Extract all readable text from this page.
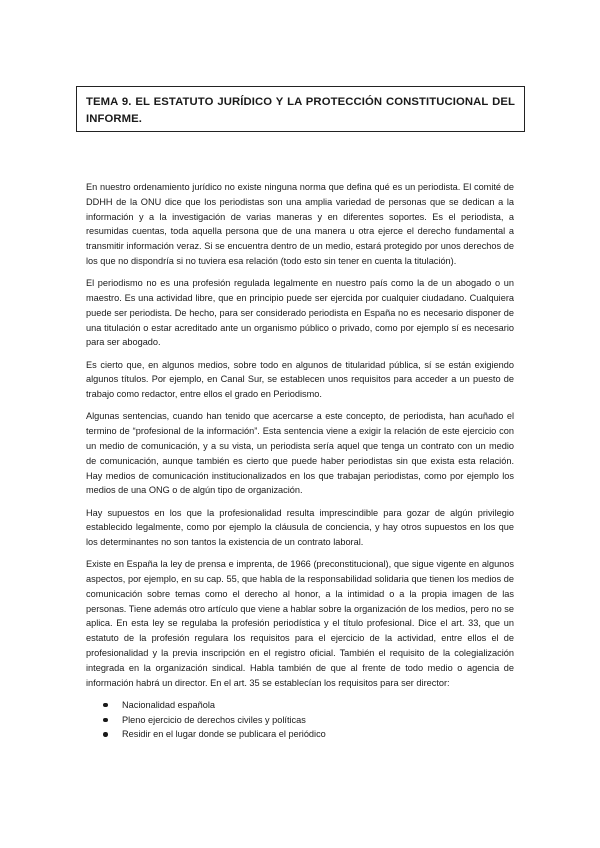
TEMA 9. EL ESTATUTO JURÍDICO Y LA PROTECCIÓN CONSTITUCIONAL DEL INFORME.

En nuestro ordenamiento jurídico no existe ninguna norma que defina qué es un periodista. El comité de DDHH de la ONU dice que los periodistas son una amplia variedad de personas que se dedican a la información y a la investigación de varias maneras y en diferentes soportes. Es el periodista, a resumidas cuentas, toda aquella persona que de una manera u otra ejerce el derecho fundamental a transmitir información veraz. Si se encuentra dentro de un medio, estará protegido por unos derechos de los que no dispondría si no tuviera esa relación (todo esto sin tener en cuenta la titulación).

El periodismo no es una profesión regulada legalmente en nuestro país como la de un abogado o un maestro. Es una actividad libre, que en principio puede ser ejercida por cualquier ciudadano. Cualquiera puede ser periodista. De hecho, para ser considerado periodista en España no es necesario disponer de una titulación o estar acreditado ante un organismo público o privado, como por ejemplo sí es necesario para ser abogado.

Es cierto que, en algunos medios, sobre todo en algunos de titularidad pública, sí se están exigiendo algunos títulos. Por ejemplo, en Canal Sur, se establecen unos requisitos para acceder a un puesto de trabajo como redactor, entre ellos el grado en Periodismo.

Algunas sentencias, cuando han tenido que acercarse a este concepto, de periodista, han acuñado el termino de “profesional de la información”. Esta sentencia viene a exigir la relación de este ejercicio con un medio de comunicación, y a su vista, un periodista sería aquel que tenga un contrato con un medio de comunicación, aunque también es cierto que puede haber periodistas sin que exista esta relación. Hay medios de comunicación institucionalizados en los que trabajan periodistas, como por ejemplo los medios de una ONG o de algún tipo de organización.

Hay supuestos en los que la profesionalidad resulta imprescindible para gozar de algún privilegio establecido legalmente, como por ejemplo la cláusula de conciencia, y hay otros supuestos en los que los determinantes no son tantos la existencia de un contrato laboral.

Existe en España la ley de prensa e imprenta, de 1966 (preconstitucional), que sigue vigente en algunos aspectos, por ejemplo, en su cap. 55, que habla de la responsabilidad solidaria que tienen los medios de comunicación sobre temas como el derecho al honor, a la intimidad o a la propia imagen de las personas. Tiene además otro artículo que viene a hablar sobre la organización de los medios, pero no se aplica. En esta ley se regulaba la profesión periodística y el título profesional. Dice el art. 33, que un estatuto de la profesión regulara los requisitos para el ejercicio de la actividad, entre ellos el de profesionalidad y la previa inscripción en el registro oficial. También el requisito de la colegialización integrada en la organización sindical. Habla también de que al frente de todo medio o agencia de información habrá un director. En el art. 35 se establecían los requisitos para ser director:

Nacionalidad española
Pleno ejercicio de derechos civiles y políticas
Residir en el lugar donde se publicara el periódico
